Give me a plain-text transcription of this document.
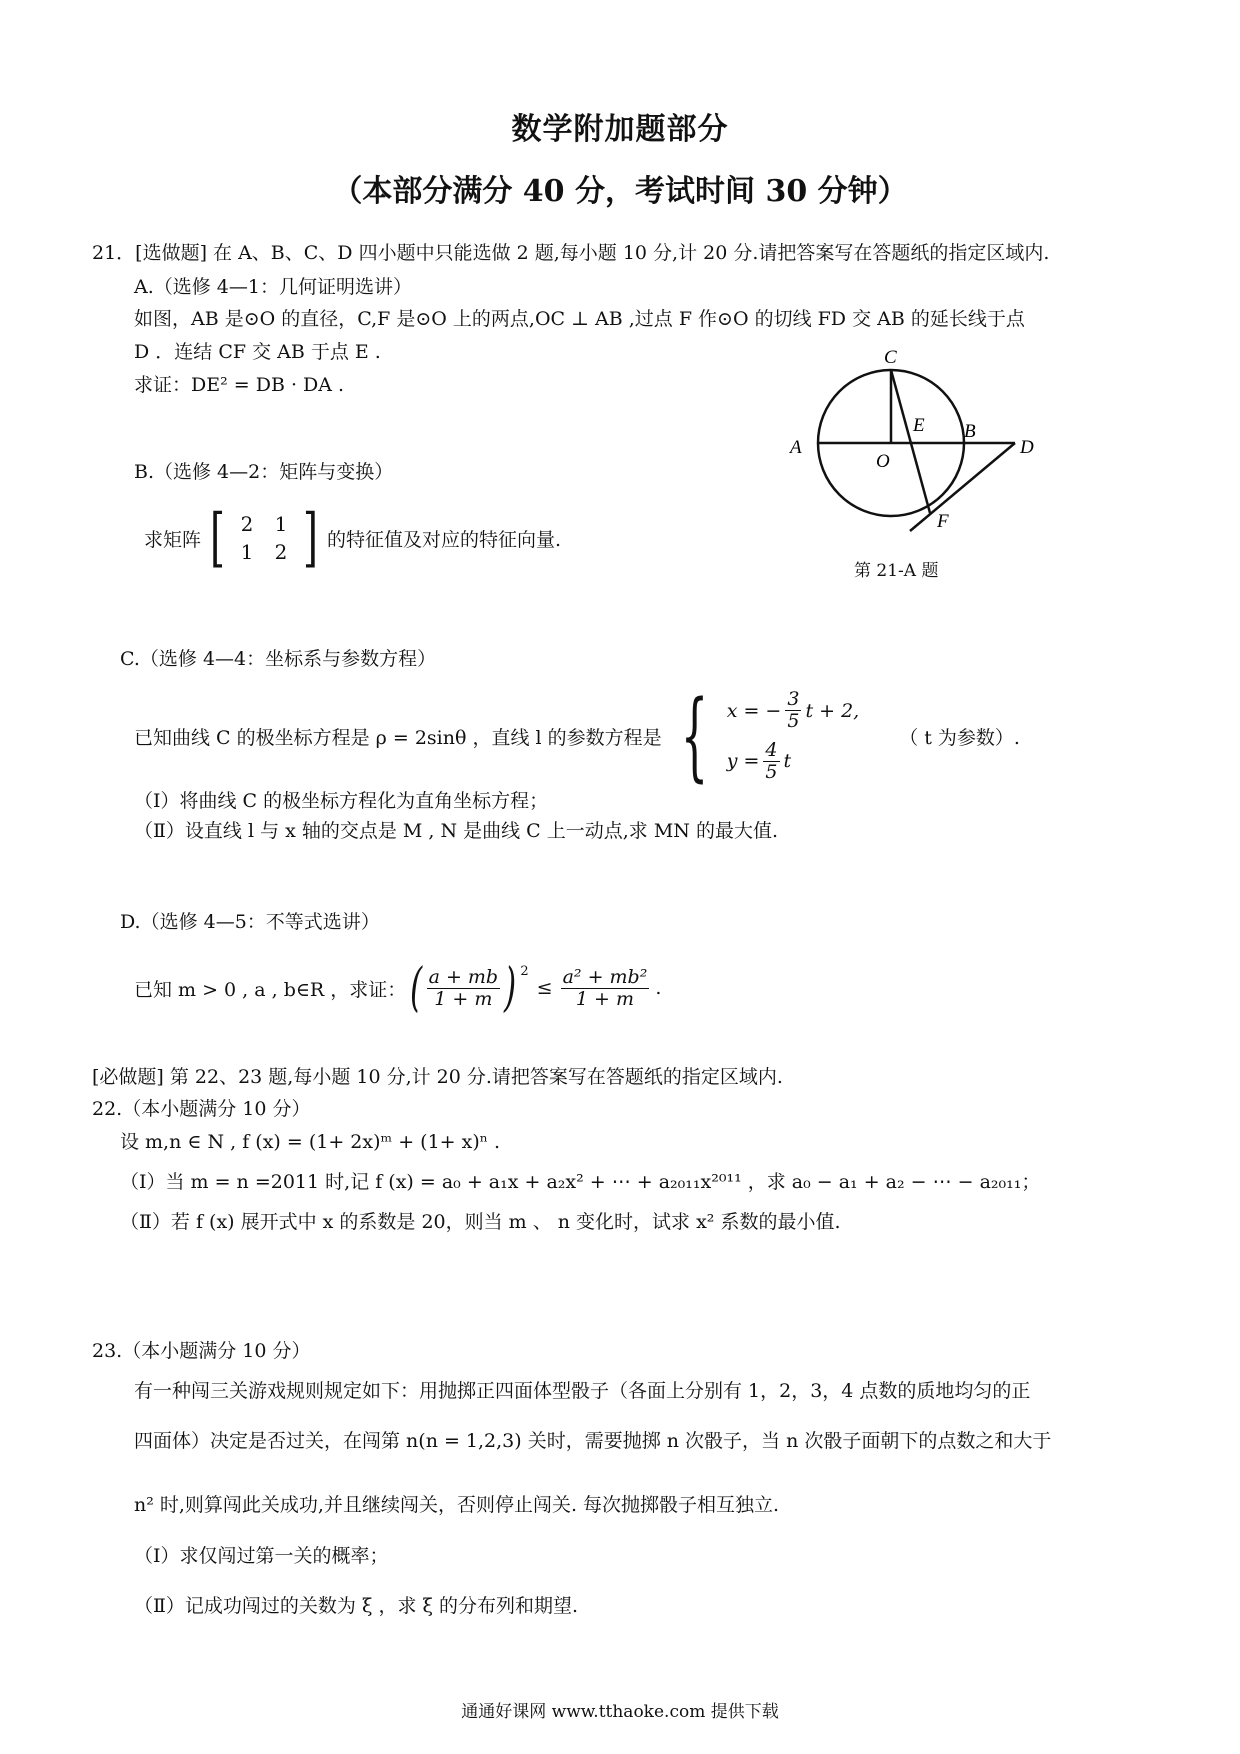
数学附加题部分
（本部分满分 40 分，考试时间 30 分钟）
21．[选做题] 在 A、B、C、D 四小题中只能选做 2 题,每小题 10 分,计 20 分.请把答案写在答题纸的指定区域内.
A.（选修 4—1：几何证明选讲）
如图，AB 是⊙O 的直径，C,F 是⊙O 上的两点,OC ⊥ AB ,过点 F 作⊙O 的切线 FD 交 AB 的延长线于点
D ．连结 CF 交 AB 于点 E .
求证：DE² = DB · DA .
C
A
O
E B
D
F
第 21-A 题
B.（选修 4—2：矩阵与变换）
求矩阵 [ 2	1
1	2 ] 的特征值及对应的特征向量.
C.（选修 4—4：坐标系与参数方程）
已知曲线 C 的极坐标方程是 ρ = 2sinθ ，直线 l 的参数方程是 { x = − $\frac{3}{5}$ t + 2,
$y = \frac{4}{5}$ t
（ t 为参数）.
（Ⅰ）将曲线 C 的极坐标方程化为直角坐标方程；
（Ⅱ）设直线 l 与 x 轴的交点是 M , N 是曲线 C 上一动点,求 MN 的最大值.
D.（选修 4—5：不等式选讲）
已知 m > 0 , a , b∈R ，求证： ( $\frac{a + mb}{1 + m}$ ) 2
≤ $\frac{\text{a² + mb²}}{1 + m}$ .
[必做题] 第 22、23 题,每小题 10 分,计 20 分.请把答案写在答题纸的指定区域内.
22.（本小题满分 10 分）
设 m,n ∈ N , f (x) = (1+ 2x)ᵐ + (1+ x)ⁿ .
（Ⅰ）当 m = n =2011 时,记 f (x) = a₀ + a₁x + a₂x² + ⋯ + a₂₀₁₁x²⁰¹¹ ，求 a₀ − a₁ + a₂ − ⋯ − a₂₀₁₁；
（Ⅱ）若 f (x) 展开式中 x 的系数是 20，则当 m 、 n 变化时，试求 x² 系数的最小值.
23.（本小题满分 10 分）
有一种闯三关游戏规则规定如下：用抛掷正四面体型骰子（各面上分别有 1，2，3，4 点数的质地均匀的正
四面体）决定是否过关，在闯第 n(n = 1,2,3) 关时，需要抛掷 n 次骰子，当 n 次骰子面朝下的点数之和大于
n² 时,则算闯此关成功,并且继续闯关，否则停止闯关. 每次抛掷骰子相互独立.
（Ⅰ）求仅闯过第一关的概率；
（Ⅱ）记成功闯过的关数为 ξ ，求 ξ 的分布列和期望.
通通好课网 www.tthaoke.com 提供下载
